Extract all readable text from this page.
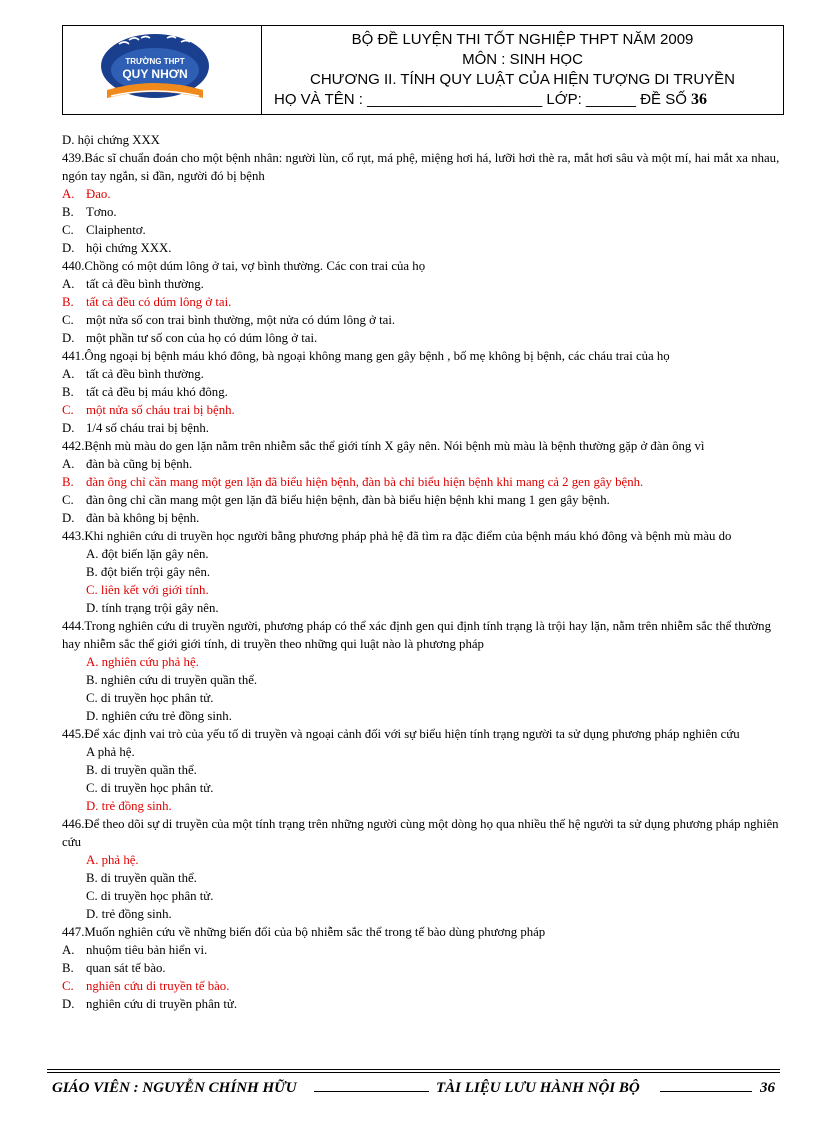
TRƯỜNG THPT
QUY NHƠN
BỘ ĐỀ LUYỆN THI TỐT NGHIỆP THPT NĂM 2009
MÔN : SINH HỌC
CHƯƠNG II. TÍNH QUY LUẬT CỦA HIỆN TƯỢNG DI TRUYỀN
HỌ VÀ TÊN : _____________________ LỚP: ______ ĐỀ SỐ 36
D. hội chứng XXX
439.Bác sĩ chuẩn đoán cho một bệnh nhân: người lùn, cổ rụt, má phệ, miệng hơi há, lưỡi hơi thè ra, mắt hơi sâu và một mí, hai mắt xa nhau, ngón tay ngắn, si đần, người đó bị bệnh
A. Đao.
B. Tơno.
C. Claiphentơ.
D. hội chứng XXX.
440.Chồng có một dúm lông ở tai, vợ bình thường. Các con trai của họ
A. tất cả đều bình thường.
B. tất cả đều có dúm lông ở tai.
C. một nửa số con trai bình thường, một nửa có dúm lông ở tai.
D. một phần tư số con của họ có dúm lông ở tai.
441.Ông ngoại bị bệnh máu khó đông, bà ngoại không mang gen gây bệnh , bố mẹ không bị bệnh, các cháu trai của họ
A. tất cả đều bình thường.
B. tất cả đều bị máu khó đông.
C. một nửa số cháu trai bị bệnh.
D. 1/4 số cháu trai bị bệnh.
442.Bệnh mù màu do gen lặn nằm trên nhiễm sắc thể giới tính X gây nên. Nói bệnh mù màu là bệnh thường gặp ở đàn ông vì
A. đàn bà cũng bị bệnh.
B. đàn ông chỉ cần mang một gen lặn đã biểu hiện bệnh, đàn bà chỉ biểu hiện bệnh khi mang cả 2 gen gây bệnh.
C. đàn ông chỉ cần mang một gen lặn đã biểu hiện bệnh, đàn bà biểu hiện bệnh khi mang 1 gen gây bệnh.
D. đàn bà không bị bệnh.
443.Khi nghiên cứu di truyền học người bằng phương pháp phả hệ đã tìm ra đặc điểm của bệnh máu khó đông và bệnh mù màu do
A. đột biến lặn gây nên.
B. đột biến trội gây nên.
C. liên kết với giới tính.
D. tính trạng trội gây nên.
444.Trong nghiên cứu di truyền người, phương pháp có thể xác định gen qui định tính trạng là trội hay lặn, nằm trên nhiễm sắc thể thường hay nhiễm sắc thể giới giới tính, di truyền theo những qui luật nào là phương pháp
A. nghiên cứu phả hệ.
B. nghiên cứu di truyền quần thể.
C. di truyền học phân tử.
D. nghiên cứu trẻ đồng sinh.
445.Để xác định vai trò của yếu tố di truyền và ngoại cảnh đối với sự biểu hiện tính trạng người ta sử dụng phương pháp nghiên cứu
A phả hệ.
B. di truyền quần thể.
C. di truyền học phân tử.
D. trẻ đồng sinh.
446.Để theo dõi sự di truyền của một tính trạng trên những người cùng một dòng họ qua nhiều thế hệ người ta sử dụng phương pháp nghiên cứu
A. phả hệ.
B. di truyền quần thể.
C. di truyền học phân tử.
D. trẻ đồng sinh.
447.Muốn nghiên cứu về những biến đổi của bộ nhiễm sắc thể trong tế bào dùng phương pháp
A. nhuộm tiêu bản hiển vi.
B. quan sát tế bào.
C. nghiên cứu di truyền tế bào.
D. nghiên cứu di truyền phân tử.
GIÁO VIÊN : NGUYỄN CHÍNH HỮU	TÀI LIỆU LƯU HÀNH NỘI BỘ	36
